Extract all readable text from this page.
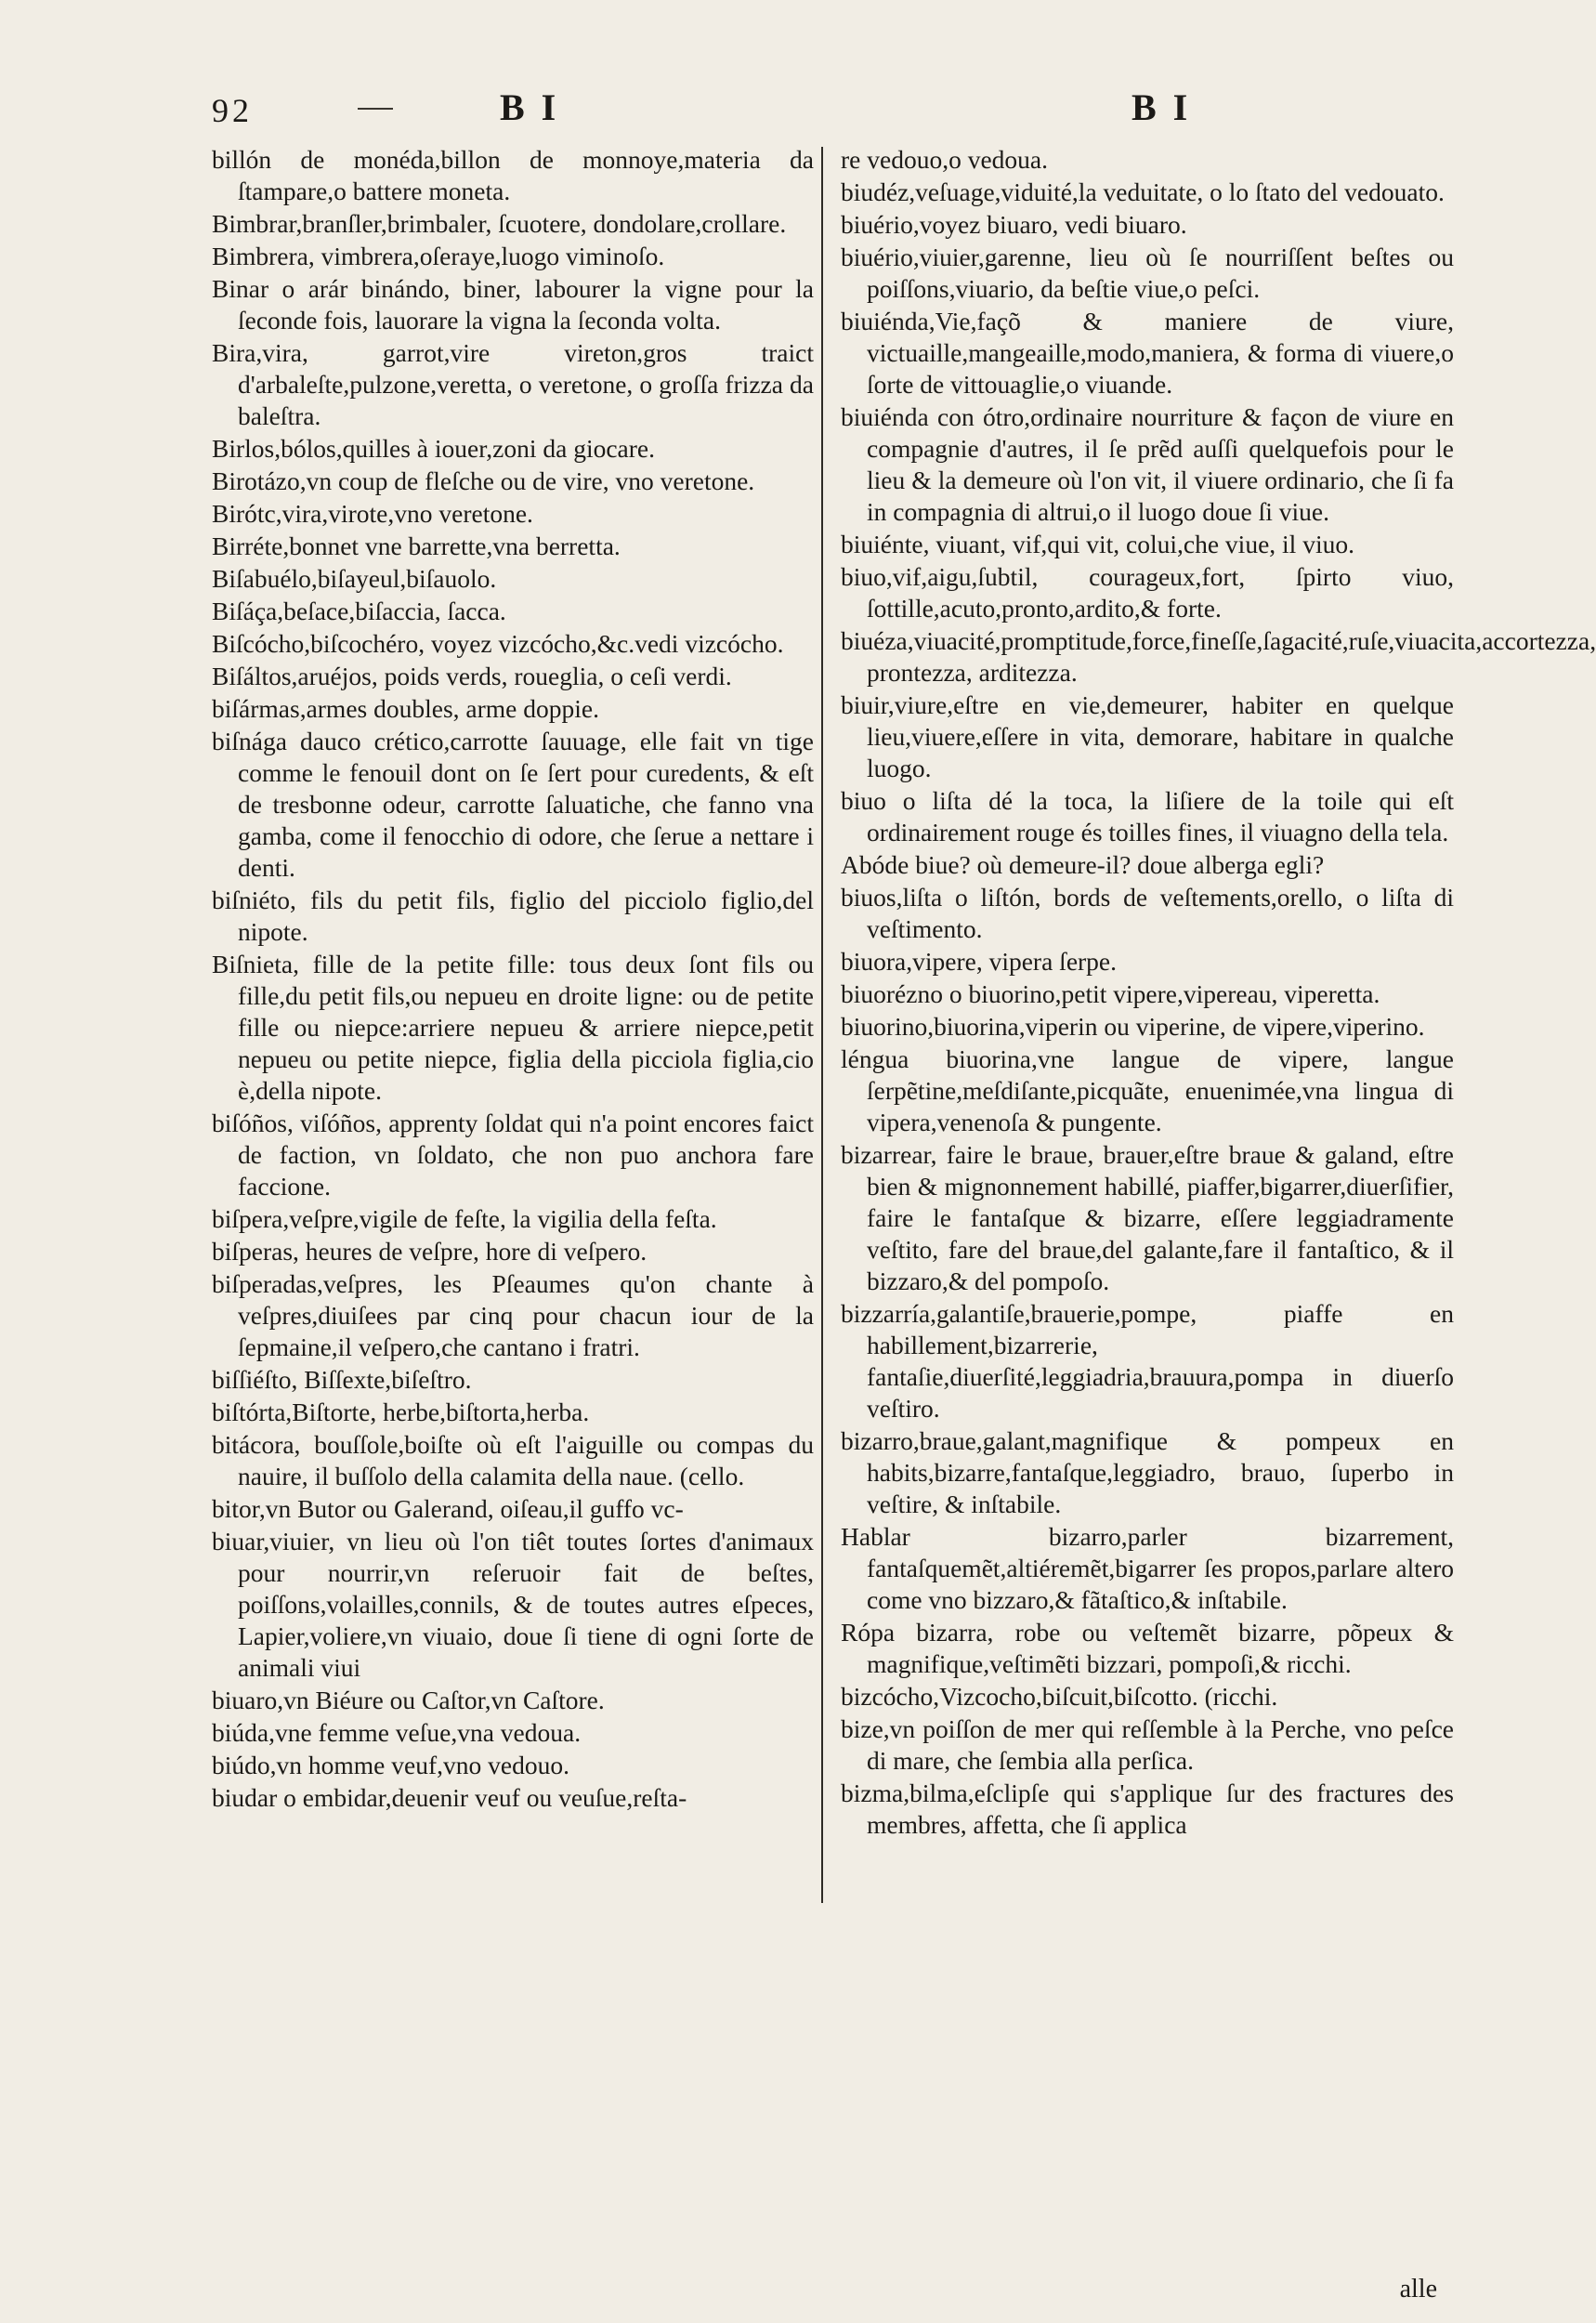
92	B I	B I

billón de monéda,billon de monnoye,materia da ſtampare,o battere moneta.

Bimbrar,branſler,brimbaler, ſcuotere, dondolare,crollare.

Bimbrera, vimbrera,oſeraye,luogo viminoſo.

Binar o arár binándo, biner, labourer la vigne pour la ſeconde fois, lauorare la vigna la ſeconda volta.

Bira,vira, garrot,vire vireton,gros traict d'arbaleſte,pulzone,veretta, o veretone, o groſſa frizza da baleſtra.

Birlos,bólos,quilles à iouer,zoni da giocare.

Birotázo,vn coup de fleſche ou de vire, vno veretone.

Birótc,vira,virote,vno veretone.

Birréte,bonnet vne barrette,vna berretta.

Biſabuélo,biſayeul,biſauolo.

Biſáça,beſace,biſaccia, ſacca.

Biſcócho,biſcochéro, voyez vizcócho,&c.vedi vizcócho.

Biſáltos,aruéjos, poids verds, roueglia, o ceſi verdi.

biſármas,armes doubles, arme doppie.

biſnága dauco crético,carrotte ſauuage, elle fait vn tige comme le fenouil dont on ſe ſert pour curedents, & eſt de tresbonne odeur, carrotte ſaluatiche, che fanno vna gamba, come il fenocchio di odore, che ſerue a nettare i denti.

biſniéto, fils du petit fils, figlio del picciolo figlio,del nipote.

Biſnieta, fille de la petite fille: tous deux ſont fils ou fille,du petit fils,ou nepueu en droite ligne: ou de petite fille ou niepce:arriere nepueu & arriere niepce,petit nepueu ou petite niepce, figlia della picciola figlia,cio è,della nipote.

biſóños, viſóños, apprenty ſoldat qui n'a point encores faict de faction, vn ſoldato, che non puo anchora fare faccione.

biſpera,veſpre,vigile de feſte, la vigilia della feſta.

biſperas, heures de veſpre, hore di veſpero.

biſperadas,veſpres, les Pſeaumes qu'on chante à veſpres,diuiſees par cinq pour chacun iour de la ſepmaine,il veſpero,che cantano i fratri.

biſſiéſto, Biſſexte,biſeſtro.

biſtórta,Biſtorte, herbe,biſtorta,herba.

bitácora, bouſſole,boiſte où eſt l'aiguille ou compas du nauire, il buſſolo della calamita della naue. (cello.

bitor,vn Butor ou Galerand, oiſeau,il guffo vc-

biuar,viuier, vn lieu où l'on tiêt toutes ſortes d'animaux pour nourrir,vn reſeruoir fait de beſtes, poiſſons,volailles,connils, & de toutes autres eſpeces, Lapier,voliere,vn viuaio, doue ſi tiene di ogni ſorte de animali viui

biuaro,vn Biéure ou Caſtor,vn Caſtore.

biúda,vne femme veſue,vna vedoua.

biúdo,vn homme veuf,vno vedouo.

biudar o embidar,deuenir veuf ou veuſue,reſta-

re vedouo,o vedoua.

biudéz,veſuage,viduité,la veduitate, o lo ſtato del vedouato.

biuério,voyez biuaro, vedi biuaro.

biuério,viuier,garenne, lieu où ſe nourriſſent beſtes ou poiſſons,viuario, da beſtie viue,o peſci.

biuiénda,Vie,façõ & maniere de viure, victuaille,mangeaille,modo,maniera, & forma di viuere,o ſorte de vittouaglie,o viuande.

biuiénda con ótro,ordinaire nourriture & façon de viure en compagnie d'autres, il ſe prẽd auſſi quelquefois pour le lieu & la demeure où l'on vit, il viuere ordinario, che ſi fa in compagnia di altrui,o il luogo doue ſi viue.

biuiénte, viuant, vif,qui vit, colui,che viue, il viuo.

biuo,vif,aigu,ſubtil, courageux,fort, ſpirto viuo, ſottille,acuto,pronto,ardito,& forte.

biuéza,viuacité,promptitude,force,fineſſe,ſagacité,ruſe,viuacita,accortezza, prontezza, arditezza.

biuir,viure,eſtre en vie,demeurer, habiter en quelque lieu,viuere,eſſere in vita, demorare, habitare in qualche luogo.

biuo o liſta dé la toca, la liſiere de la toile qui eſt ordinairement rouge és toilles fines, il viuagno della tela.

Abóde biue? où demeure-il? doue alberga egli?

biuos,liſta o liſtón, bords de veſtements,orello, o liſta di veſtimento.

biuora,vipere, vipera ſerpe.

biuorézno o biuorino,petit vipere,vipereau, viperetta.

biuorino,biuorina,viperin ou viperine, de vipere,viperino.

léngua biuorina,vne langue de vipere, langue ſerpẽtine,meſdiſante,picquãte, enuenimée,vna lingua di vipera,venenoſa & pungente.

bizarrear, faire le braue, brauer,eſtre braue & galand, eſtre bien & mignonnement habillé, piaffer,bigarrer,diuerſifier, faire le fantaſque & bizarre, eſſere leggiadramente veſtito, fare del braue,del galante,fare il fantaſtico, & il bizzaro,& del pompoſo.

bizzarría,galantiſe,brauerie,pompe, piaffe en habillement,bizarrerie, fantaſie,diuerſité,leggiadria,brauura,pompa in diuerſo veſtiro.

bizarro,braue,galant,magnifique & pompeux en habits,bizarre,fantaſque,leggiadro, brauo, ſuperbo in veſtire, & inſtabile.

Hablar bizarro,parler bizarrement, fantaſquemẽt,altiéremẽt,bigarrer ſes propos,parlare altero come vno bizzaro,& fãtaſtico,& inſtabile.

Rópa bizarra, robe ou veſtemẽt bizarre, põpeux & magnifique,veſtimẽti bizzari, pompoſi,& ricchi.

bizcócho,Vizcocho,biſcuit,biſcotto. (ricchi.

bize,vn poiſſon de mer qui reſſemble à la Perche, vno peſce di mare, che ſembia alla perſica.

bizma,bilma,eſclipſe qui s'applique ſur des fractures des membres, affetta, che ſi applica

alle
